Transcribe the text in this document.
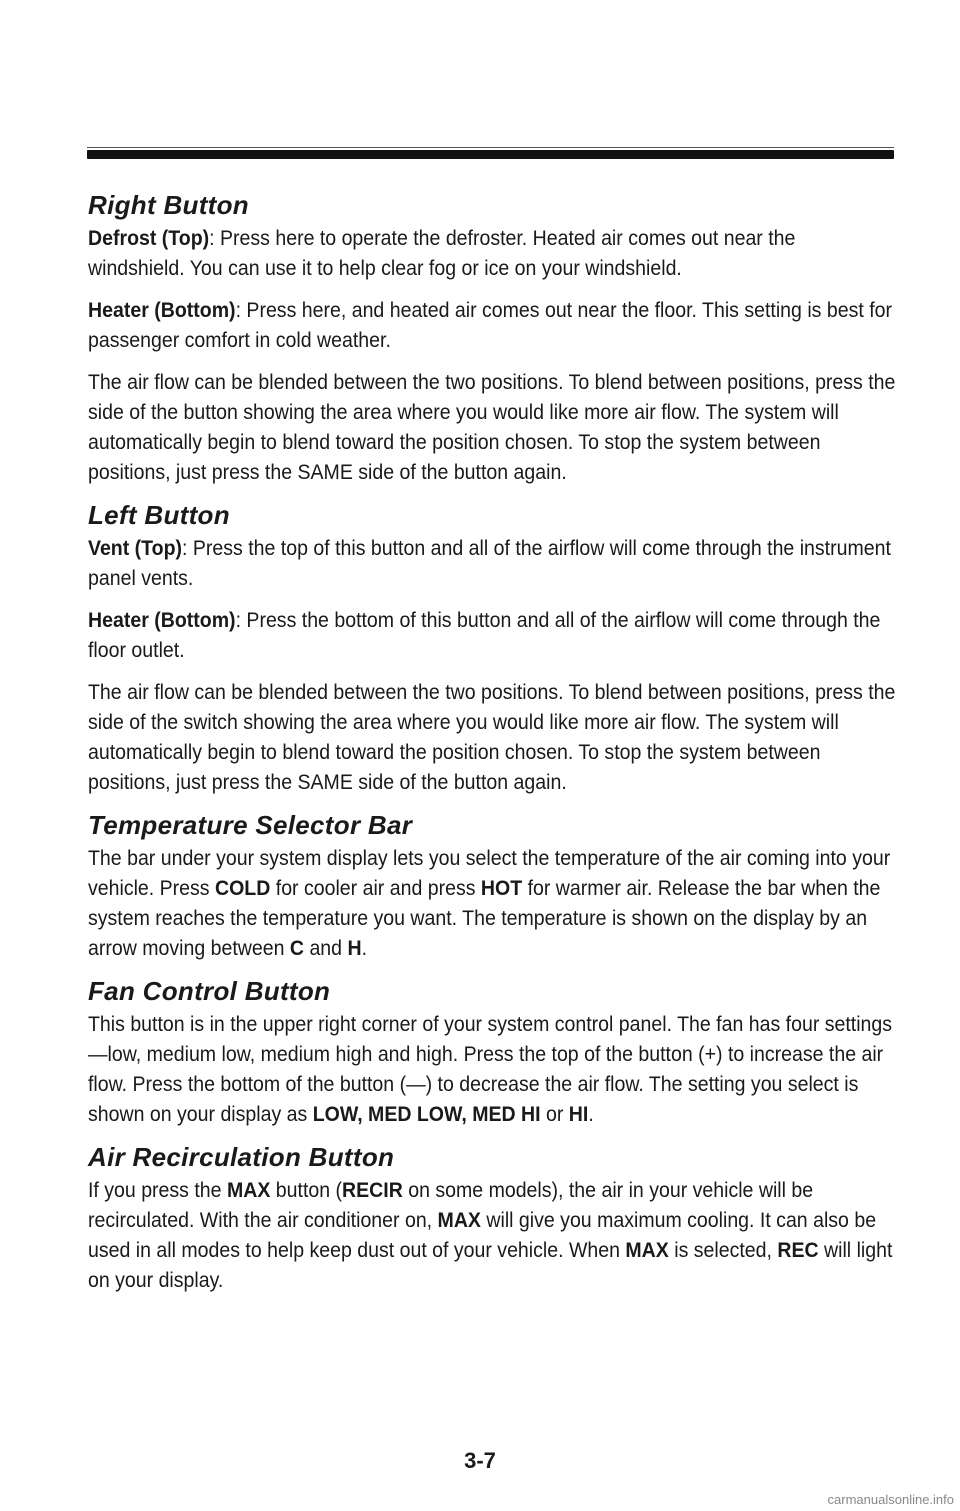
Right Button

Defrost (Top): Press here to operate the defroster. Heated air comes out near the windshield. You can use it to help clear fog or ice on your windshield.

Heater (Bottom): Press here, and heated air comes out near the floor. This setting is best for passenger comfort in cold weather.

The air flow can be blended between the two positions. To blend between positions, press the side of the button showing the area where you would like more air flow. The system will automatically begin to blend toward the position chosen. To stop the system between positions, just press the SAME side of the button again.

Left Button

Vent (Top): Press the top of this button and all of the airflow will come through the instrument panel vents.

Heater (Bottom): Press the bottom of this button and all of the airflow will come through the floor outlet.

The air flow can be blended between the two positions. To blend between positions, press the side of the switch showing the area where you would like more air flow. The system will automatically begin to blend toward the position chosen. To stop the system between positions, just press the SAME side of the button again.

Temperature Selector Bar

The bar under your system display lets you select the temperature of the air coming into your vehicle. Press COLD for cooler air and press HOT for warmer air. Release the bar when the system reaches the temperature you want. The temperature is shown on the display by an arrow moving between C and H.

Fan Control Button

This button is in the upper right corner of your system control panel. The fan has four settings—low, medium low, medium high and high. Press the top of the button (+) to increase the air flow. Press the bottom of the button (—) to decrease the air flow. The setting you select is shown on your display as LOW, MED LOW, MED HI or HI.

Air Recirculation Button

If you press the MAX button (RECIR on some models), the air in your vehicle will be recirculated. With the air conditioner on, MAX will give you maximum cooling. It can also be used in all modes to help keep dust out of your vehicle. When MAX is selected, REC will light on your display.

3-7
carmanualsonline.info
